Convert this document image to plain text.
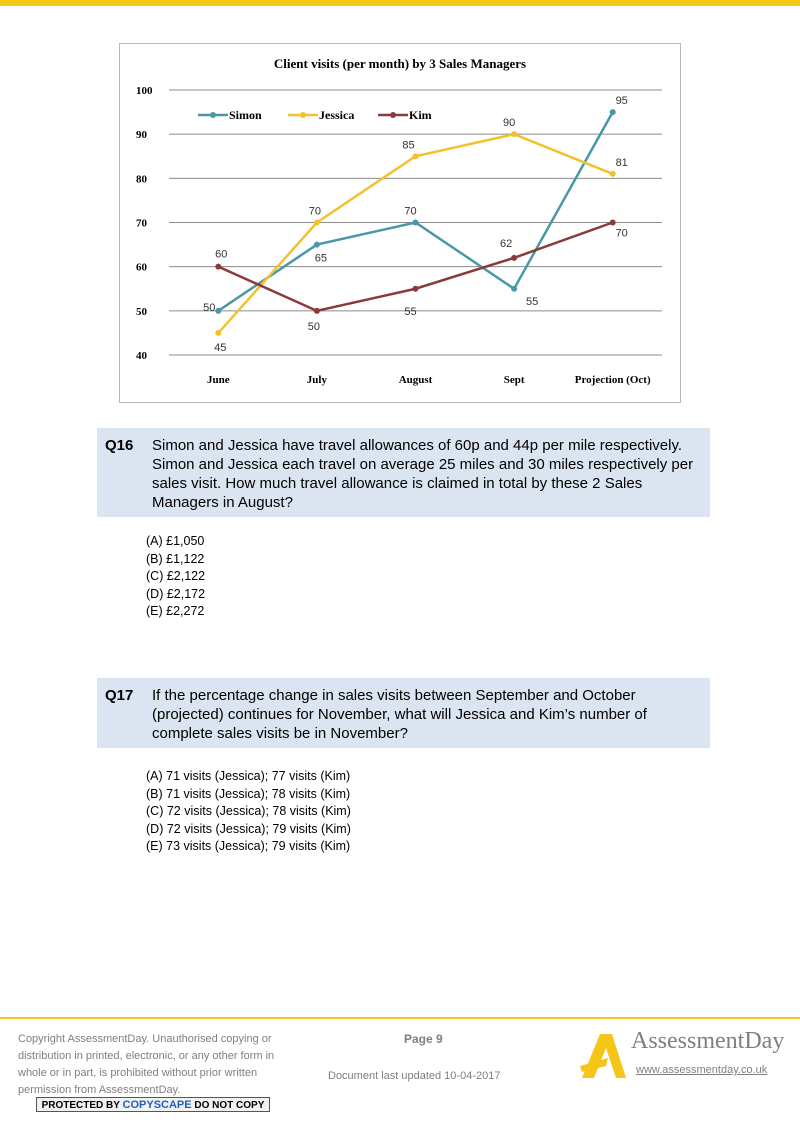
Client visits (per month) by 3 Sales Managers
40
50
60
70
80
90
100
June	July	August	Sept	Projection (Oct)
50
65
70
55
95
45
70
85
90
81
60
50
55
62
70
Simon	Jessica	Kim
Q16	Simon and Jessica have travel allowances of 60p and 44p per mile respectively. Simon and Jessica each travel on average 25 miles and 30 miles respectively per sales visit. How much travel allowance is claimed in total by these 2 Sales Managers in August?
(A) £1,050
(B) £1,122
(C) £2,122
(D) £2,172
(E) £2,272
Q17	If the percentage change in sales visits between September and October (projected) continues for November, what will Jessica and Kim’s number of complete sales visits be in November?
(A) 71 visits (Jessica); 77 visits (Kim)
(B) 71 visits (Jessica); 78 visits (Kim)
(C) 72 visits (Jessica); 78 visits (Kim)
(D) 72 visits (Jessica); 79 visits (Kim)
(E) 73 visits (Jessica); 79 visits (Kim)
Copyright AssessmentDay. Unauthorised copying or distribution in printed, electronic, or any other form in whole or in part, is prohibited without prior written permission from AssessmentDay.
PROTECTED BY COPYSCAPE DO NOT COPY
Page 9
Document last updated 10-04-2017
AssessmentDay
www.assessmentday.co.uk
